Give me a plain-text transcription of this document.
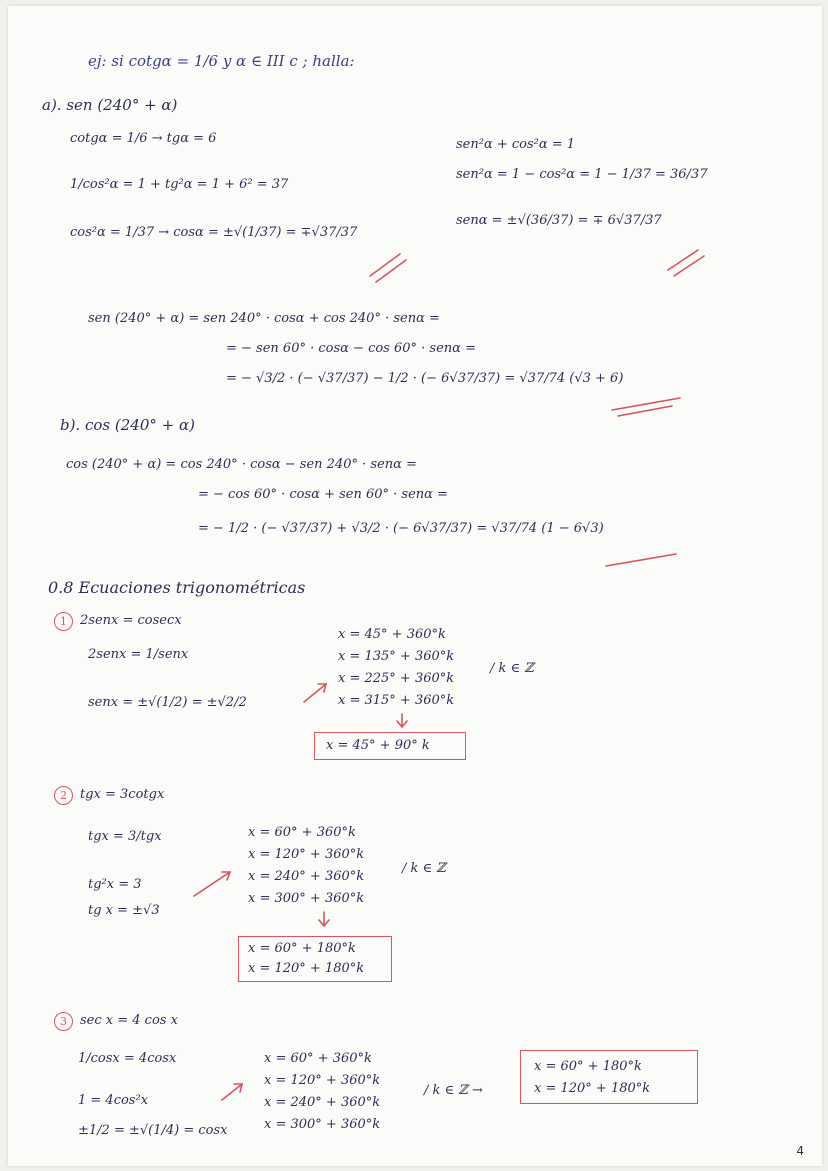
ej: si cotgα = 1/6 y α ∈ III c ; halla:
a). sen (240° + α)
cotgα = 1/6 → tgα = 6
1/cos²α = 1 + tg²α = 1 + 6² = 37
cos²α = 1/37 → cosα = ±√(1/37) = ∓√37/37
sen²α + cos²α = 1
sen²α = 1 − cos²α = 1 − 1/37 = 36/37
senα = ±√(36/37) = ∓ 6√37/37
sen (240° + α) = sen 240° · cosα + cos 240° · senα =
= − sen 60° · cosα − cos 60° · senα =
= − √3/2 · (− √37/37) − 1/2 · (− 6√37/37) = √37/74 (√3 + 6)
b). cos (240° + α)
cos (240° + α) = cos 240° · cosα − sen 240° · senα =
= − cos 60° · cosα + sen 60° · senα =
= − 1/2 · (− √37/37) + √3/2 · (− 6√37/37) = √37/74 (1 − 6√3)
0.8 Ecuaciones trigonométricas
1	2senx = cosecx
2senx = 1/senx
senx = ±√(1/2) = ±√2/2
x = 45° + 360°k
x = 135° + 360°k
x = 225° + 360°k
x = 315° + 360°k
/ k ∈ ℤ
x = 45° + 90° k
2	tgx = 3cotgx
tgx = 3/tgx
tg²x = 3
tg x = ±√3
x = 60° + 360°k
x = 120° + 360°k
x = 240° + 360°k
x = 300° + 360°k
/ k ∈ ℤ
x = 60° + 180°k
x = 120° + 180°k
3	sec x = 4 cos x
1/cosx = 4cosx
1 = 4cos²x
±1/2 = ±√(1/4) = cosx
x = 60° + 360°k
x = 120° + 360°k
x = 240° + 360°k
x = 300° + 360°k
/ k ∈ ℤ →
x = 60° + 180°k
x = 120° + 180°k
4
